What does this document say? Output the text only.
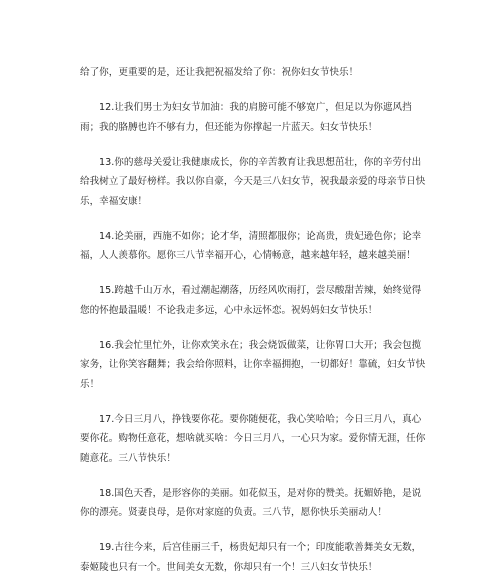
给了你，更重要的是，还让我把祝福发给了你：祝你妇女节快乐！

12.让我们男士为妇女节加油：我的肩膀可能不够宽广，但足以为你遮风挡雨；我的胳膊也许不够有力，但还能为你撑起一片蓝天。妇女节快乐！

13.你的慈母关爱让我健康成长，你的辛苦教育让我思想茁壮，你的辛劳付出给我树立了最好榜样。我以你自豪，今天是三八妇女节，祝我最亲爱的母亲节日快乐，幸福安康！

14.论美丽，西施不如你；论才华，清照都服你；论高贵，贵妃逊色你；论幸福，人人羡慕你。愿你三八节幸福开心，心情畅意，越来越年轻，越来越美丽！

15.跨越千山万水，看过潮起潮落，历经风吹雨打，尝尽酸甜苦辣，始终觉得您的怀抱最温暖！不论我走多远，心中永远怀恋。祝妈妈妇女节快乐！

16.我会忙里忙外，让你欢笑永在；我会烧饭做菜，让你胃口大开；我会包揽家务，让你笑容翻舞；我会给你照料，让你幸福拥抱，一切都好！靠硫，妇女节快乐！

17.今日三月八，挣钱要你花。要你随便花，我心笑哈哈；今日三月八，真心要你花。购物任意花，想啥就买啥：今日三月八，一心只为家。爱你情无涯，任你随意花。三八节快乐！

18.国色天香，是形容你的美丽。如花似玉，是对你的赞美。抚媚娇艳，是说你的漂亮。贤妻良母，是你对家庭的负责。三八节，愿你快乐美丽动人！

19.古往今来，后宫佳丽三千，杨贵妃却只有一个；印度能歌善舞美女无数，泰姬陵也只有一个。世间美女无数，你却只有一个！三八妇女节快乐！
